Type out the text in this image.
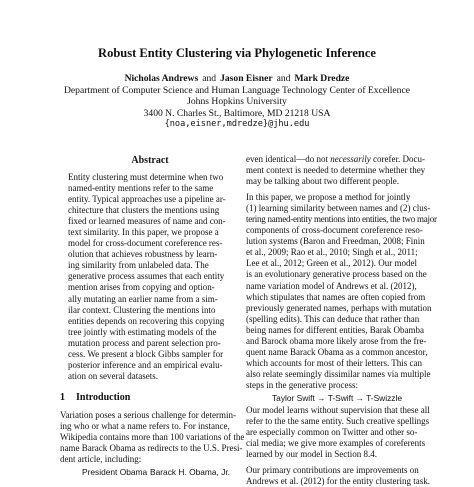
Robust Entity Clustering via Phylogenetic Inference
Nicholas Andrews and Jason Eisner and Mark Dredze
Department of Computer Science and Human Language Technology Center of Excellence
Johns Hopkins University
3400 N. Charles St., Baltimore, MD 21218 USA
{noa,eisner,mdredze}@jhu.edu
Abstract
Entity clustering must determine when two
named-entity mentions refer to the same
entity. Typical approaches use a pipeline ar-
chitecture that clusters the mentions using
fixed or learned measures of name and con-
text similarity. In this paper, we propose a
model for cross-document coreference res-
olution that achieves robustness by learn-
ing similarity from unlabeled data. The
generative process assumes that each entity
mention arises from copying and option-
ally mutating an earlier name from a sim-
ilar context. Clustering the mentions into
entities depends on recovering this copying
tree jointly with estimating models of the
mutation process and parent selection pro-
cess. We present a block Gibbs sampler for
posterior inference and an empirical evalu-
ation on several datasets.
1 Introduction
Variation poses a serious challenge for determin-
ing who or what a name refers to. For instance,
Wikipedia contains more than 100 variations of the
name Barack Obama as redirects to the U.S. Presi-
dent article, including:
President Obama Barack H. Obama, Jr.
even identical—do not necessarily corefer. Docu-
ment context is needed to determine whether they
may be talking about two different people.
In this paper, we propose a method for jointly
(1) learning similarity between names and (2) clus-
tering named-entity mentions into entities, the two major
components of cross-document coreference reso-
lution systems (Baron and Freedman, 2008; Finin
et al., 2009; Rao et al., 2010; Singh et al., 2011;
Lee et al., 2012; Green et al., 2012). Our model
is an evolutionary generative process based on the
name variation model of Andrews et al. (2012),
which stipulates that names are often copied from
previously generated names, perhaps with mutation
(spelling edits). This can deduce that rather than
being names for different entities, Barak Obamba
and Barock obama more likely arose from the fre-
quent name Barack Obama as a common ancestor,
which accounts for most of their letters. This can
also relate seemingly dissimilar names via multiple
steps in the generative process:
Taylor Swift → T-Swift → T-Swizzle
Our model learns without supervision that these all
refer to the the same entity. Such creative spellings
are especially common on Twitter and other so-
cial media; we give more examples of coreferents
learned by our model in Section 8.4.
Our primary contributions are improvements on
Andrews et al. (2012) for the entity clustering task.
